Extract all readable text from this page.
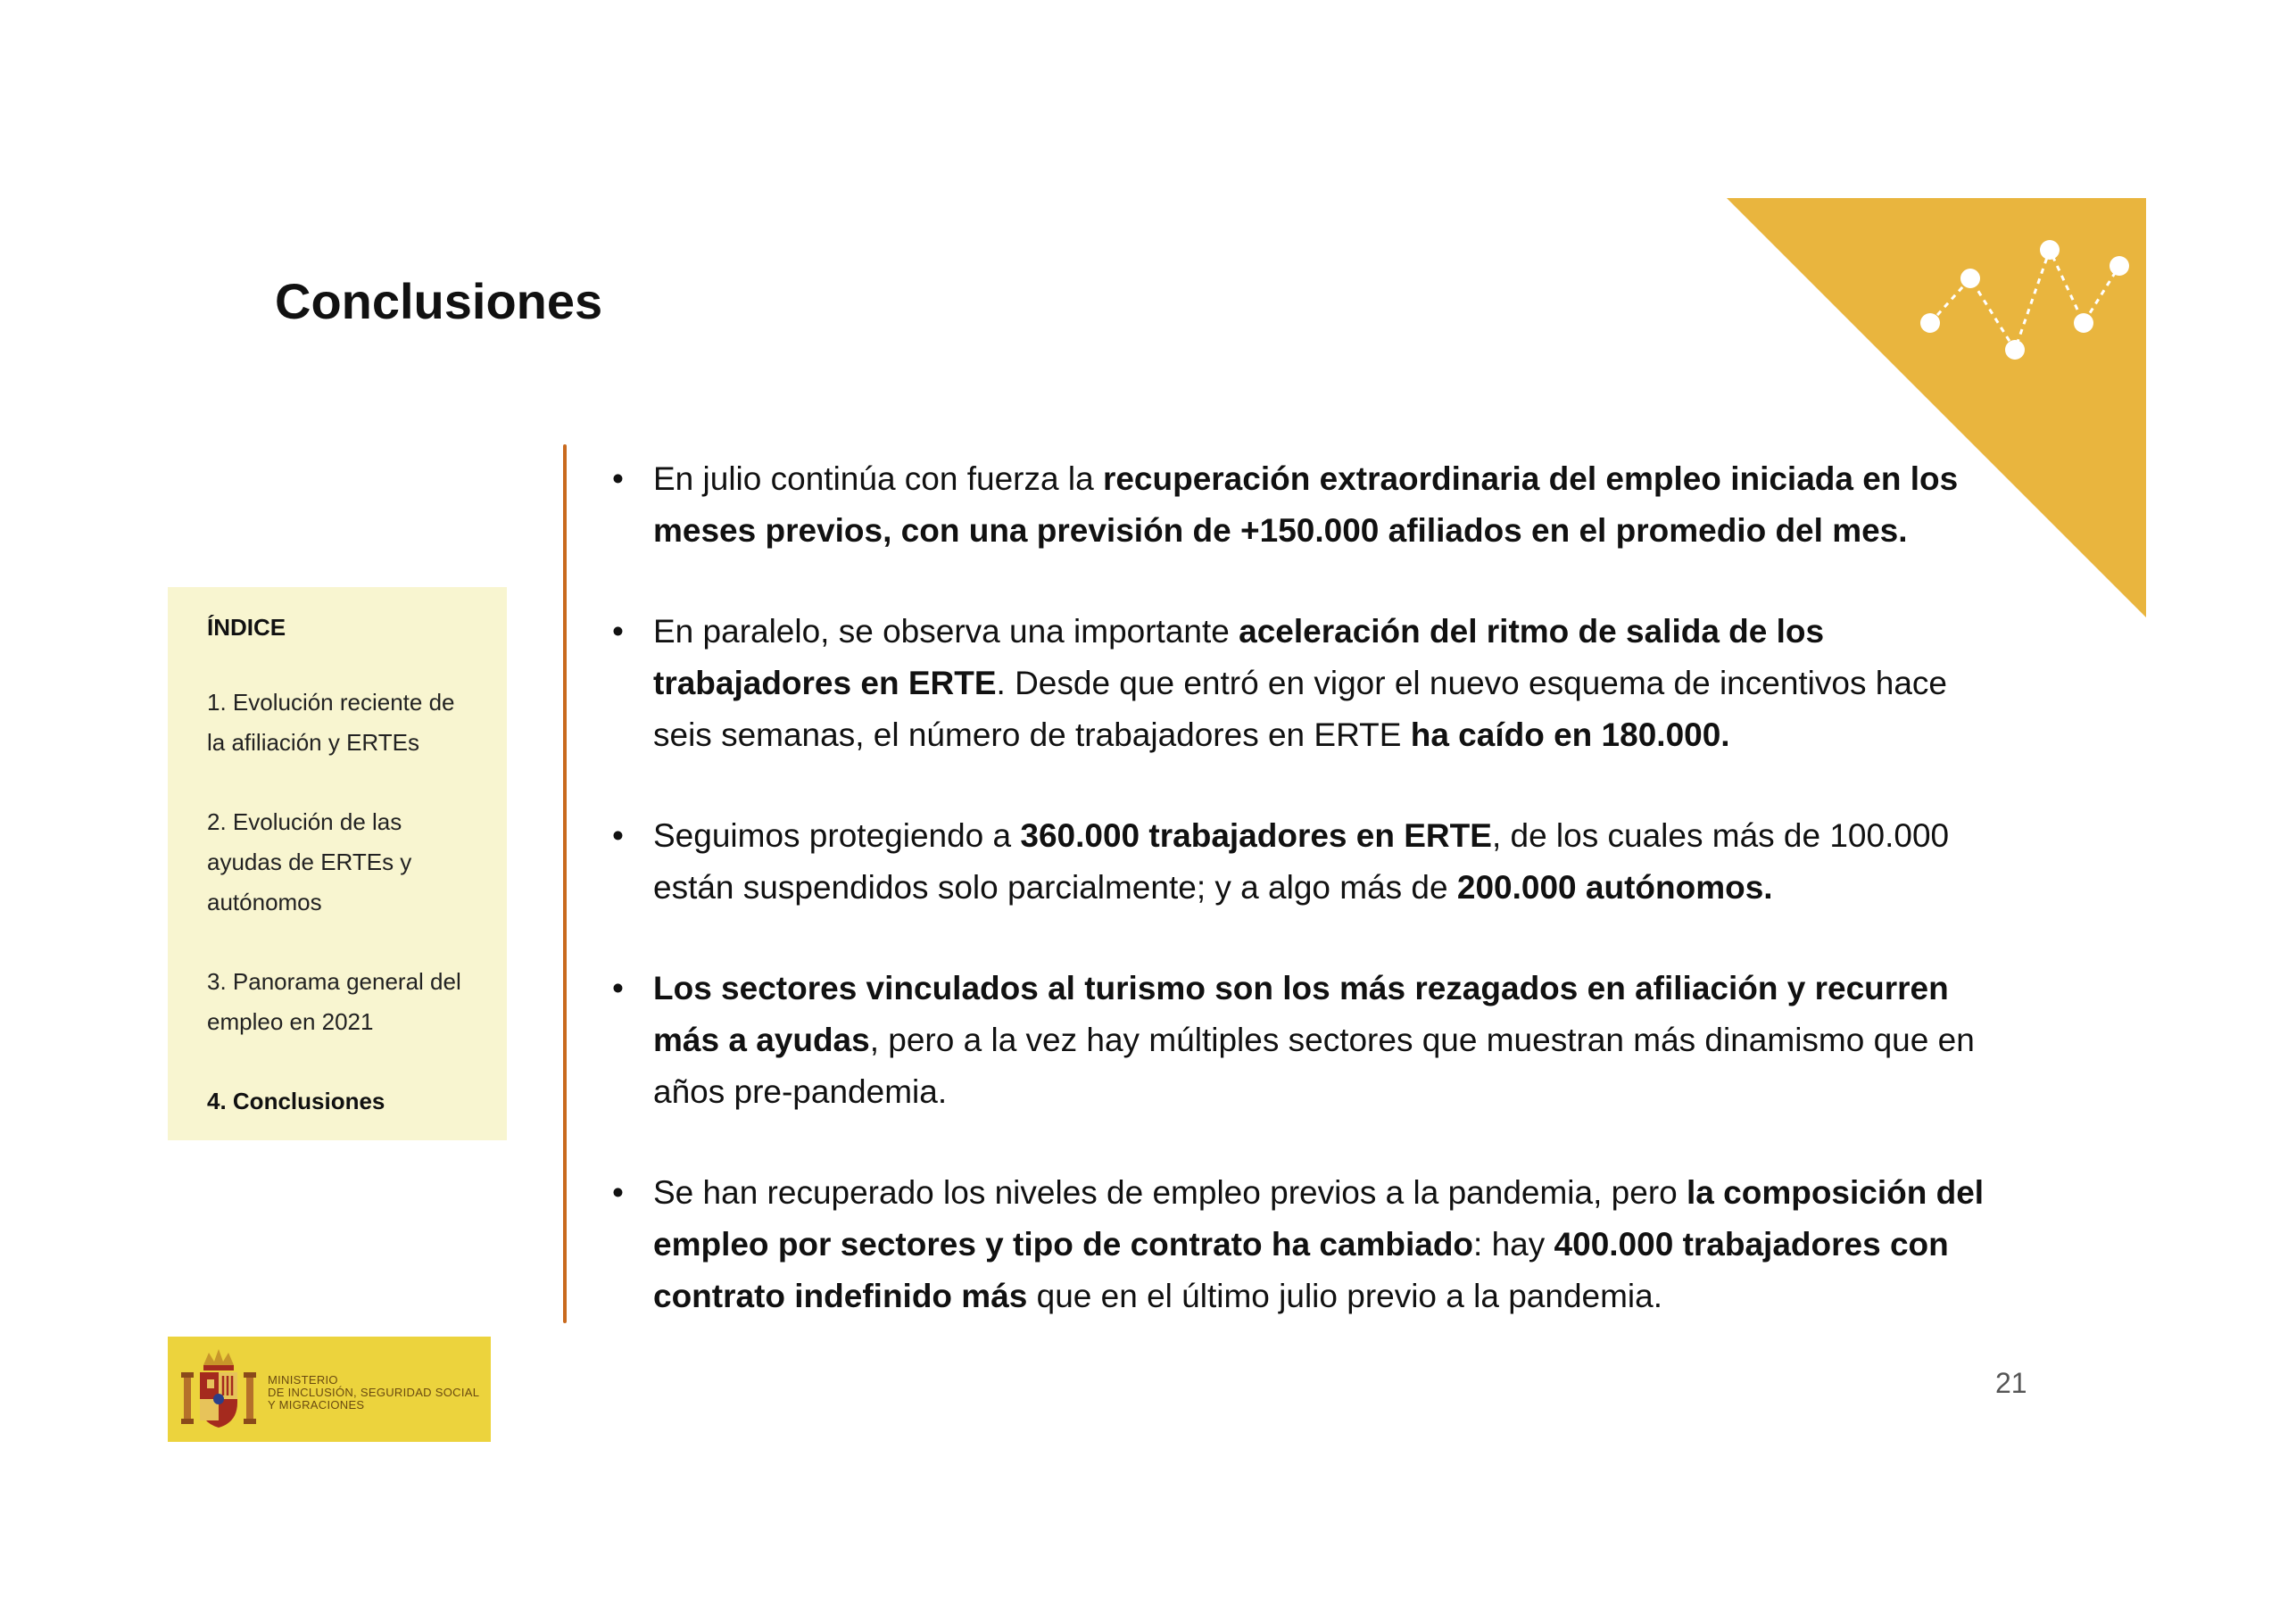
Conclusiones
ÍNDICE
1. Evolución reciente de
la afiliación y ERTEs
2. Evolución de las
ayudas de ERTEs y
autónomos
3. Panorama general del
empleo en 2021
4. Conclusiones
• En julio continúa con fuerza la recuperación extraordinaria del empleo iniciada en los meses previos, con una previsión de +150.000 afiliados en el promedio del mes.
• En paralelo, se observa una importante aceleración del ritmo de salida de los trabajadores en ERTE. Desde que entró en vigor el nuevo esquema de incentivos hace seis semanas, el número de trabajadores en ERTE ha caído en 180.000.
• Seguimos protegiendo a 360.000 trabajadores en ERTE, de los cuales más de 100.000 están suspendidos solo parcialmente; y a algo más de 200.000 autónomos.
• Los sectores vinculados al turismo son los más rezagados en afiliación y recurren más a ayudas, pero a la vez hay múltiples sectores que muestran más dinamismo que en años pre-pandemia.
• Se han recuperado los niveles de empleo previos a la pandemia, pero la composición del empleo por sectores y tipo de contrato ha cambiado: hay 400.000 trabajadores con contrato indefinido más que en el último julio previo a la pandemia.
21
MINISTERIO
DE INCLUSIÓN, SEGURIDAD SOCIAL
Y MIGRACIONES
